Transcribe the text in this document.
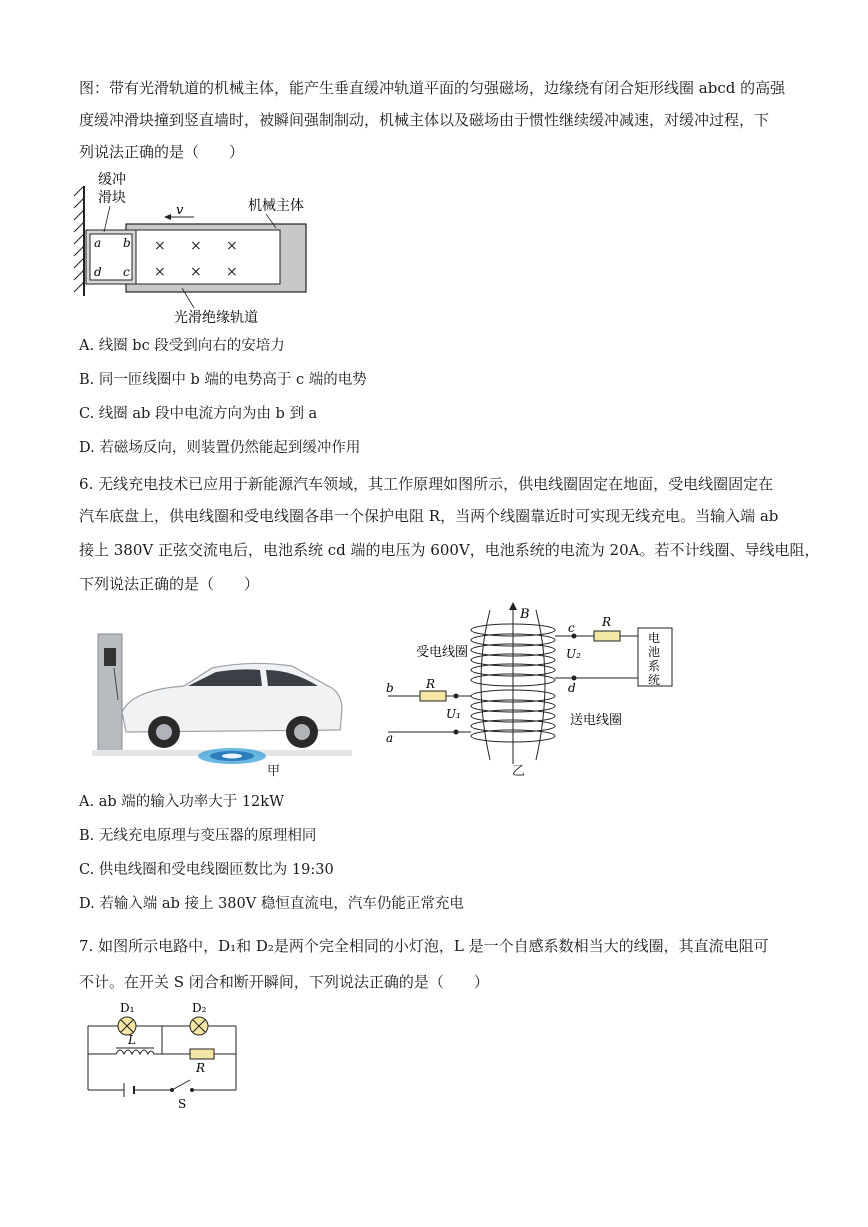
图：带有光滑轨道的机械主体，能产生垂直缓冲轨道平面的匀强磁场，边缘绕有闭合矩形线圈 abcd 的高强
度缓冲滑块撞到竖直墙时，被瞬间强制制动，机械主体以及磁场由于惯性继续缓冲减速，对缓冲过程，下
列说法正确的是（　　）
a b
c
d
× × ×
× × ×
v
缓冲
滑块	机械主体
光滑绝缘轨道
A. 线圈 bc 段受到向右的安培力
B. 同一匝线圈中 b 端的电势高于 c 端的电势
C. 线圈 ab 段中电流方向为由 b 到 a
D. 若磁场反向，则装置仍然能起到缓冲作用
6. 无线充电技术已应用于新能源汽车领域，其工作原理如图所示，供电线圈固定在地面，受电线圈固定在
汽车底盘上，供电线圈和受电线圈各串一个保护电阻 R，当两个线圈靠近时可实现无线充电。当输入端 ab
接上 380V 正弦交流电后，电池系统 cd 端的电压为 600V，电池系统的电流为 20A。若不计线圈、导线电阻，
下列说法正确的是（　　）
甲
B
受电线圈
送电线圈
c
d
R
U₂
电
池
系
统
b
a
R
U₁
乙
A. ab 端的输入功率大于 12kW
B. 无线充电原理与变压器的原理相同
C. 供电线圈和受电线圈匝数比为 19:30
D. 若输入端 ab 接上 380V 稳恒直流电，汽车仍能正常充电
7. 如图所示电路中，D₁和 D₂是两个完全相同的小灯泡，L 是一个自感系数相当大的线圈，其直流电阻可
不计。在开关 S 闭合和断开瞬间，下列说法正确的是（　　）
D₁	D₂
L
R
S
